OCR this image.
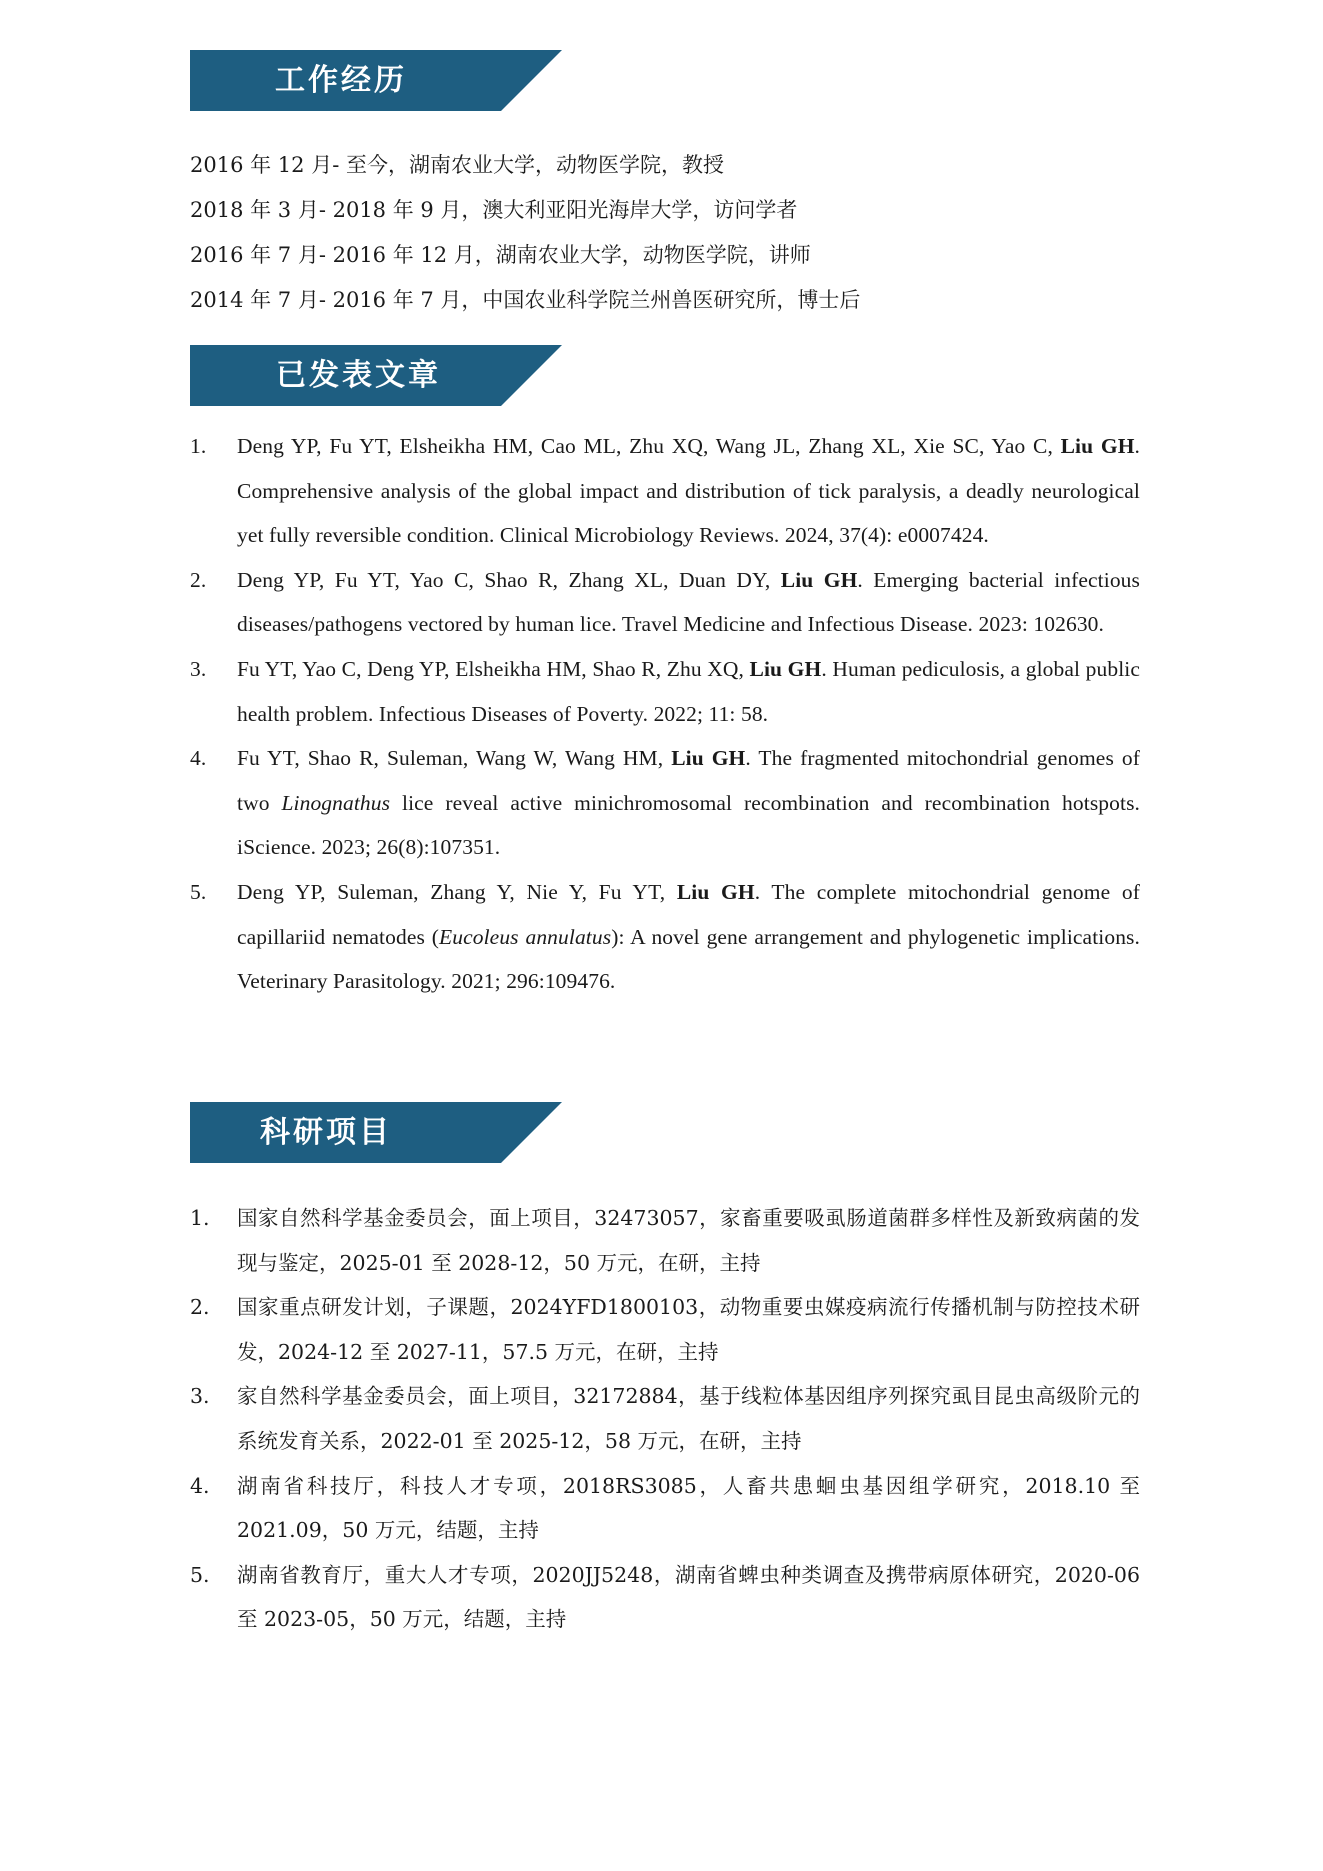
工作经历
2016 年 12 月- 至今，湖南农业大学，动物医学院，教授
2018 年 3 月- 2018 年 9 月，澳大利亚阳光海岸大学，访问学者
2016 年 7 月- 2016 年 12 月，湖南农业大学，动物医学院，讲师
2014 年 7 月- 2016 年 7 月，中国农业科学院兰州兽医研究所，博士后
已发表文章
1. Deng YP, Fu YT, Elsheikha HM, Cao ML, Zhu XQ, Wang JL, Zhang XL, Xie SC, Yao C, Liu GH. Comprehensive analysis of the global impact and distribution of tick paralysis, a deadly neurological yet fully reversible condition. Clinical Microbiology Reviews. 2024, 37(4): e0007424.
2. Deng YP, Fu YT, Yao C, Shao R, Zhang XL, Duan DY, Liu GH. Emerging bacterial infectious diseases/pathogens vectored by human lice. Travel Medicine and Infectious Disease. 2023: 102630.
3. Fu YT, Yao C, Deng YP, Elsheikha HM, Shao R, Zhu XQ, Liu GH. Human pediculosis, a global public health problem. Infectious Diseases of Poverty. 2022; 11: 58.
4. Fu YT, Shao R, Suleman, Wang W, Wang HM, Liu GH. The fragmented mitochondrial genomes of two Linognathus lice reveal active minichromosomal recombination and recombination hotspots. iScience. 2023; 26(8):107351.
5. Deng YP, Suleman, Zhang Y, Nie Y, Fu YT, Liu GH. The complete mitochondrial genome of capillariid nematodes (Eucoleus annulatus): A novel gene arrangement and phylogenetic implications. Veterinary Parasitology. 2021; 296:109476.
科研项目
1. 国家自然科学基金委员会，面上项目，32473057，家畜重要吸虱肠道菌群多样性及新致病菌的发现与鉴定，2025-01 至 2028-12，50 万元，在研，主持
2. 国家重点研发计划，子课题，2024YFD1800103，动物重要虫媒疫病流行传播机制与防控技术研发，2024-12 至 2027-11，57.5 万元，在研，主持
3. 家自然科学基金委员会，面上项目，32172884，基于线粒体基因组序列探究虱目昆虫高级阶元的系统发育关系，2022-01 至 2025-12，58 万元，在研，主持
4. 湖南省科技厅，科技人才专项，2018RS3085，人畜共患蛔虫基因组学研究，2018.10 至 2021.09，50 万元，结题，主持
5. 湖南省教育厅，重大人才专项，2020JJ5248，湖南省蜱虫种类调查及携带病原体研究，2020-06 至 2023-05，50 万元，结题，主持
